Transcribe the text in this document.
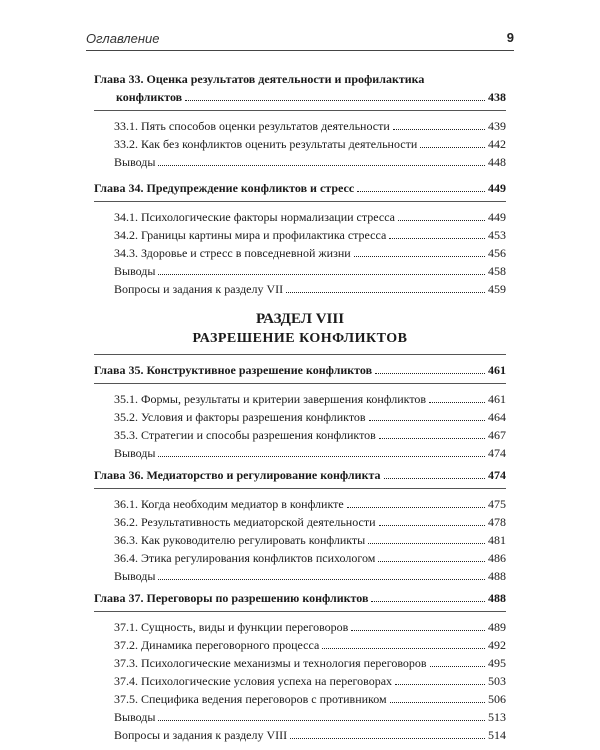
Оглавление	9
Глава 33. Оценка результатов деятельности и профилактика
конфликтов	438
33.1. Пять способов оценки результатов деятельности	439
33.2. Как без конфликтов оценить результаты деятельности	442
Выводы	448
Глава 34. Предупреждение конфликтов и стресс	449
34.1. Психологические факторы нормализации стресса	449
34.2. Границы картины мира и профилактика стресса	453
34.3. Здоровье и стресс в повседневной жизни	456
Выводы	458
Вопросы и задания к разделу VII	459
РАЗДЕЛ VIII
РАЗРЕШЕНИЕ КОНФЛИКТОВ
Глава 35. Конструктивное разрешение конфликтов	461
35.1. Формы, результаты и критерии завершения конфликтов	461
35.2. Условия и факторы разрешения конфликтов	464
35.3. Стратегии и способы разрешения конфликтов	467
Выводы	474
Глава 36. Медиаторство и регулирование конфликта	474
36.1. Когда необходим медиатор в конфликте	475
36.2. Результативность медиаторской деятельности	478
36.3. Как руководителю регулировать конфликты	481
36.4. Этика регулирования конфликтов психологом	486
Выводы	488
Глава 37. Переговоры по разрешению конфликтов	488
37.1. Сущность, виды и функции переговоров	489
37.2. Динамика переговорного процесса	492
37.3. Психологические механизмы и технология переговоров	495
37.4. Психологические условия успеха на переговорах	503
37.5. Специфика ведения переговоров с противником	506
Выводы	513
Вопросы и задания к разделу VIII	514
